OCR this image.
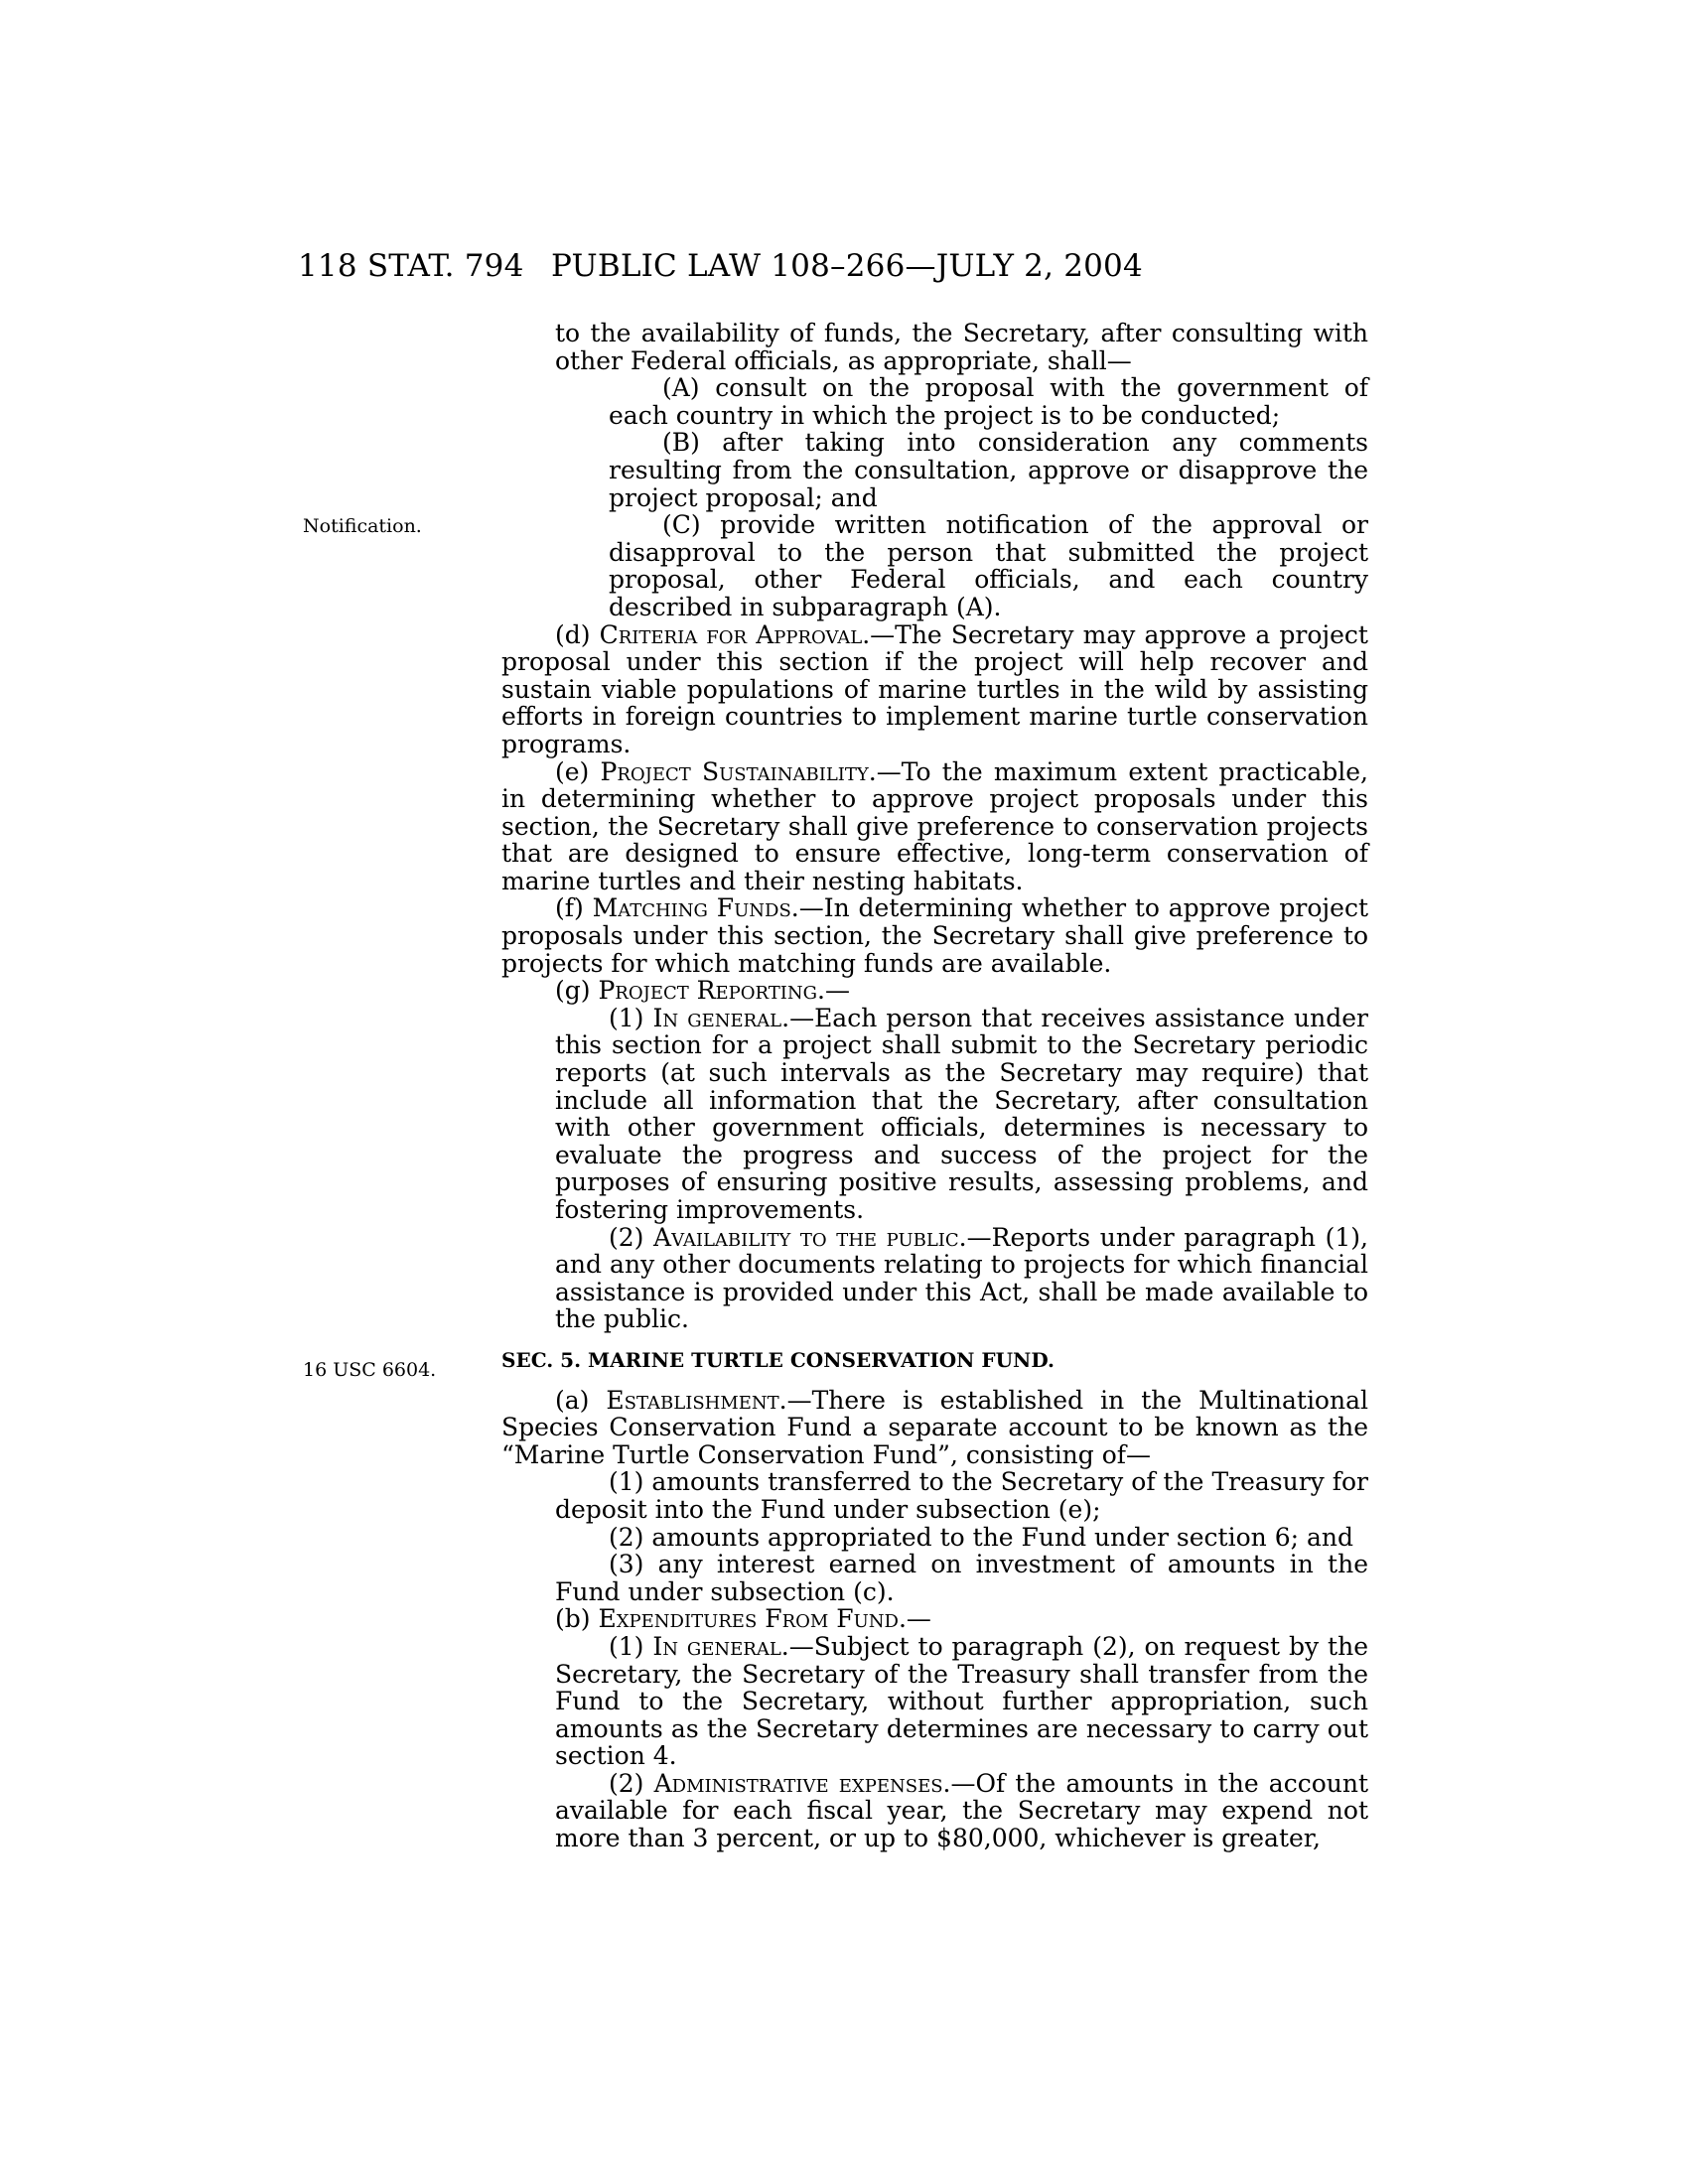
118 STAT. 794 PUBLIC LAW 108–266—JULY 2, 2004
Notification.
16 USC 6604.

to the availability of funds, the Secretary, after consulting with other Federal officials, as appropriate, shall—

(A) consult on the proposal with the government of each country in which the project is to be conducted;

(B) after taking into consideration any comments resulting from the consultation, approve or disapprove the project proposal; and

(C) provide written notification of the approval or disapproval to the person that submitted the project proposal, other Federal officials, and each country described in subparagraph (A).

(d) Criteria for Approval.—The Secretary may approve a project proposal under this section if the project will help recover and sustain viable populations of marine turtles in the wild by assisting efforts in foreign countries to implement marine turtle conservation programs.

(e) Project Sustainability.—To the maximum extent practicable, in determining whether to approve project proposals under this section, the Secretary shall give preference to conservation projects that are designed to ensure effective, long-term conservation of marine turtles and their nesting habitats.

(f) Matching Funds.—In determining whether to approve project proposals under this section, the Secretary shall give preference to projects for which matching funds are available.

(g) Project Reporting.—

(1) In general.—Each person that receives assistance under this section for a project shall submit to the Secretary periodic reports (at such intervals as the Secretary may require) that include all information that the Secretary, after consultation with other government officials, determines is necessary to evaluate the progress and success of the project for the purposes of ensuring positive results, assessing problems, and fostering improvements.

(2) Availability to the public.—Reports under paragraph (1), and any other documents relating to projects for which financial assistance is provided under this Act, shall be made available to the public.

SEC. 5. MARINE TURTLE CONSERVATION FUND.

(a) Establishment.—There is established in the Multinational Species Conservation Fund a separate account to be known as the “Marine Turtle Conservation Fund”, consisting of—

(1) amounts transferred to the Secretary of the Treasury for deposit into the Fund under subsection (e);

(2) amounts appropriated to the Fund under section 6; and

(3) any interest earned on investment of amounts in the Fund under subsection (c).

(b) Expenditures From Fund.—

(1) In general.—Subject to paragraph (2), on request by the Secretary, the Secretary of the Treasury shall transfer from the Fund to the Secretary, without further appropriation, such amounts as the Secretary determines are necessary to carry out section 4.

(2) Administrative expenses.—Of the amounts in the account available for each fiscal year, the Secretary may expend not more than 3 percent, or up to $80,000, whichever is greater,
